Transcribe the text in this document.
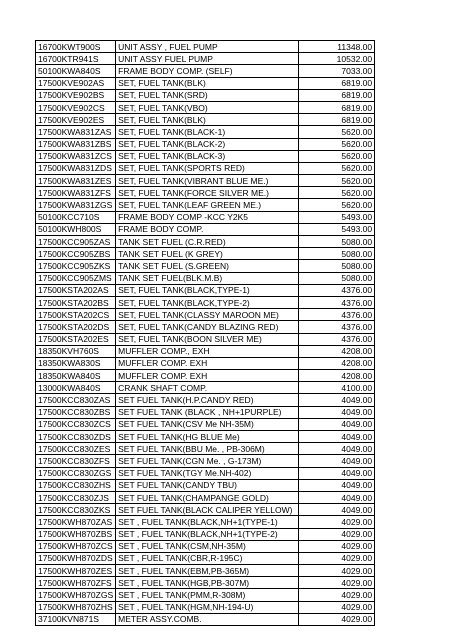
16700KWT900S	UNIT ASSY , FUEL PUMP	11348.00
16700KTR941S	UNIT ASSY FUEL PUMP	10532.00
50100KWA840S	FRAME BODY COMP. (SELF)	7033.00
17500KVE902AS	SET, FUEL TANK(BLK)	6819.00
17500KVE902BS	SET, FUEL TANK(SRD)	6819.00
17500KVE902CS	SET, FUEL TANK(VBO)	6819.00
17500KVE902ES	SET, FUEL TANK(BLK)	6819.00
17500KWA831ZAS	SET, FUEL TANK(BLACK-1)	5620.00
17500KWA831ZBS	SET, FUEL TANK(BLACK-2)	5620.00
17500KWA831ZCS	SET, FUEL TANK(BLACK-3)	5620.00
17500KWA831ZDS	SET, FUEL TANK(SPORTS RED)	5620.00
17500KWA831ZES	SET, FUEL TANK(VIBRANT BLUE ME.)	5620.00
17500KWA831ZFS	SET, FUEL TANK(FORCE SILVER ME.)	5620.00
17500KWA831ZGS	SET, FUEL TANK(LEAF GREEN ME.)	5620.00
50100KCC710S	FRAME BODY COMP -KCC Y2K5	5493.00
50100KWH800S	FRAME BODY COMP.	5493.00
17500KCC905ZAS	TANK SET FUEL (C.R.RED)	5080.00
17500KCC905ZBS	TANK SET FUEL (K GREY)	5080.00
17500KCC905ZKS	TANK SET FUEL (S.GREEN)	5080.00
17500KCC905ZMS	TANK SET FUEL(BLK.M.B)	5080.00
17500KSTA202AS	SET, FUEL TANK(BLACK,TYPE-1)	4376.00
17500KSTA202BS	SET, FUEL TANK(BLACK,TYPE-2)	4376.00
17500KSTA202CS	SET, FUEL TANK(CLASSY MAROON ME)	4376.00
17500KSTA202DS	SET, FUEL TANK(CANDY BLAZING RED)	4376.00
17500KSTA202ES	SET, FUEL TANK(BOON SILVER ME)	4376.00
18350KVH760S	MUFFLER COMP., EXH	4208.00
18350KWA830S	MUFFLER COMP. EXH	4208.00
18350KWA840S	MUFFLER COMP. EXH	4208.00
13000KWA840S	CRANK SHAFT COMP.	4100.00
17500KCC830ZAS	SET FUEL TANK(H.P.CANDY RED)	4049.00
17500KCC830ZBS	SET FUEL TANK (BLACK , NH+1PURPLE)	4049.00
17500KCC830ZCS	SET FUEL TANK(CSV Me NH-35M)	4049.00
17500KCC830ZDS	SET FUEL TANK(HG BLUE Me)	4049.00
17500KCC830ZES	SET FUEL TANK(BBU Me. , PB-306M)	4049.00
17500KCC830ZFS	SET FUEL TANK(CGN Me. , G-173M)	4049.00
17500KCC830ZGS	SET FUEL TANK(TGY Me.NH-402)	4049.00
17500KCC830ZHS	SET FUEL TANK(CANDY TBU)	4049.00
17500KCC830ZJS	SET FUEL TANK(CHAMPANGE GOLD)	4049.00
17500KCC830ZKS	SET FUEL TANK(BLACK CALIPER YELLOW)	4049.00
17500KWH870ZAS	SET , FUEL TANK(BLACK,NH+1(TYPE-1)	4029.00
17500KWH870ZBS	SET , FUEL TANK(BLACK,NH+1(TYPE-2)	4029.00
17500KWH870ZCS	SET , FUEL TANK(CSM,NH-35M)	4029.00
17500KWH870ZDS	SET , FUEL TANK(CBR,R-195C)	4029.00
17500KWH870ZES	SET , FUEL TANK(EBM,PB-365M)	4029.00
17500KWH870ZFS	SET , FUEL TANK(HGB,PB-307M)	4029.00
17500KWH870ZGS	SET , FUEL TANK(PMM,R-308M)	4029.00
17500KWH870ZHS	SET , FUEL TANK(HGM,NH-194-U)	4029.00
37100KVN871S	METER ASSY.COMB.	4029.00
